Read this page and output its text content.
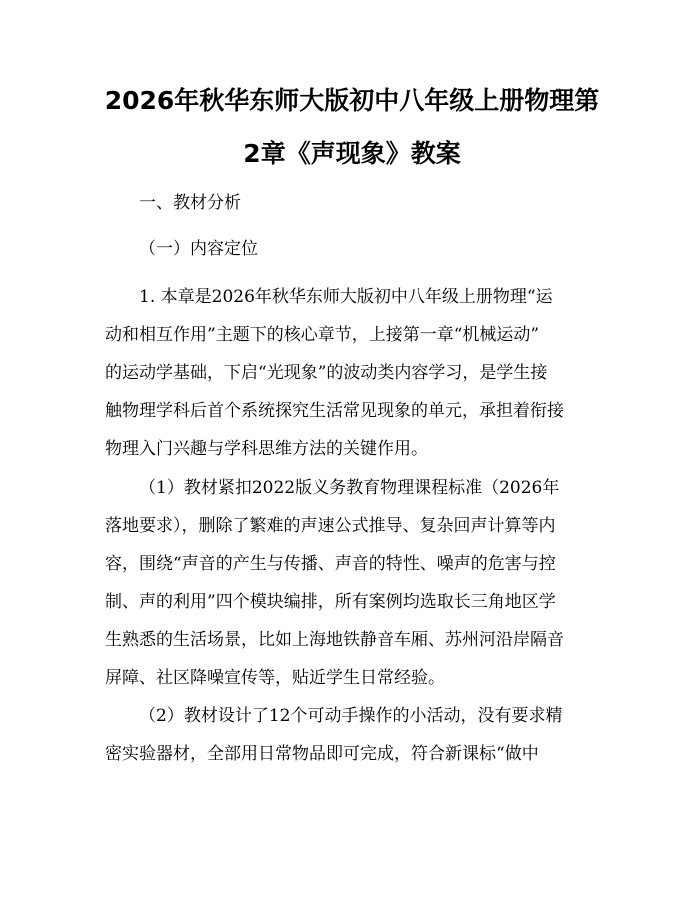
2026年秋华东师大版初中八年级上册物理第
2章《声现象》教案

一、教材分析

（一）内容定位

1. 本章是2026年秋华东师大版初中八年级上册物理“运
动和相互作用”主题下的核心章节，上接第一章“机械运动”
的运动学基础，下启“光现象”的波动类内容学习，是学生接
触物理学科后首个系统探究生活常见现象的单元，承担着衔接
物理入门兴趣与学科思维方法的关键作用。
（1）教材紧扣2022版义务教育物理课程标准（2026年
落地要求），删除了繁难的声速公式推导、复杂回声计算等内
容，围绕“声音的产生与传播、声音的特性、噪声的危害与控
制、声的利用”四个模块编排，所有案例均选取长三角地区学
生熟悉的生活场景，比如上海地铁静音车厢、苏州河沿岸隔音
屏障、社区降噪宣传等，贴近学生日常经验。
（2）教材设计了12个可动手操作的小活动，没有要求精
密实验器材，全部用日常物品即可完成，符合新课标“做中
